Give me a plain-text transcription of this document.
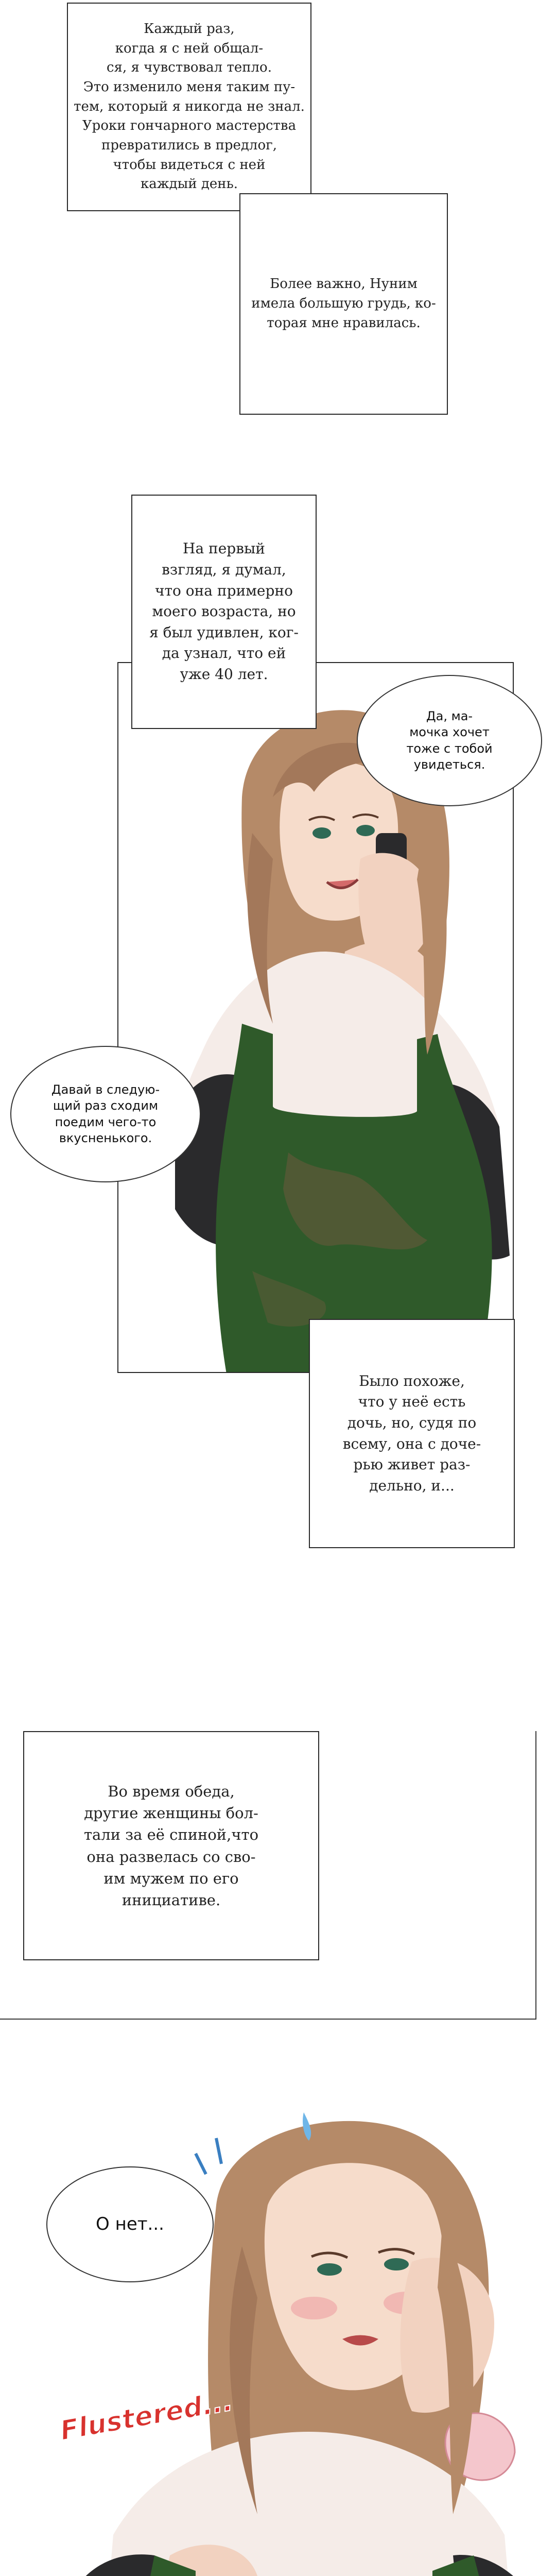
Каждый раз,
когда я с ней общал-
ся, я чувствовал тепло.
Это изменило меня таким пу-
тем, который я никогда не знал.
Уроки гончарного мастерства
превратились в предлог,
чтобы видеться с ней
каждый день.
Более важно, Нуним
имела большую грудь, ко-
торая мне нравилась.
На первый
взгляд, я думал,
что она примерно
моего возраста, но
я был удивлен, ког-
да узнал, что ей
уже 40 лет.
Да, ма-
мочка хочет
тоже с тобой
увидеться.
Давай в следую-
щий раз сходим
поедим чего-то
вкусненького.
Было похоже,
что у неё есть
дочь, но, судя по
всему, она с доче-
рью живет раз-
дельно, и...
Во время обеда,
другие женщины бол-
тали за её спиной,что
она развелась со сво-
им мужем по его
инициативе.
О нет...
Flustered...
